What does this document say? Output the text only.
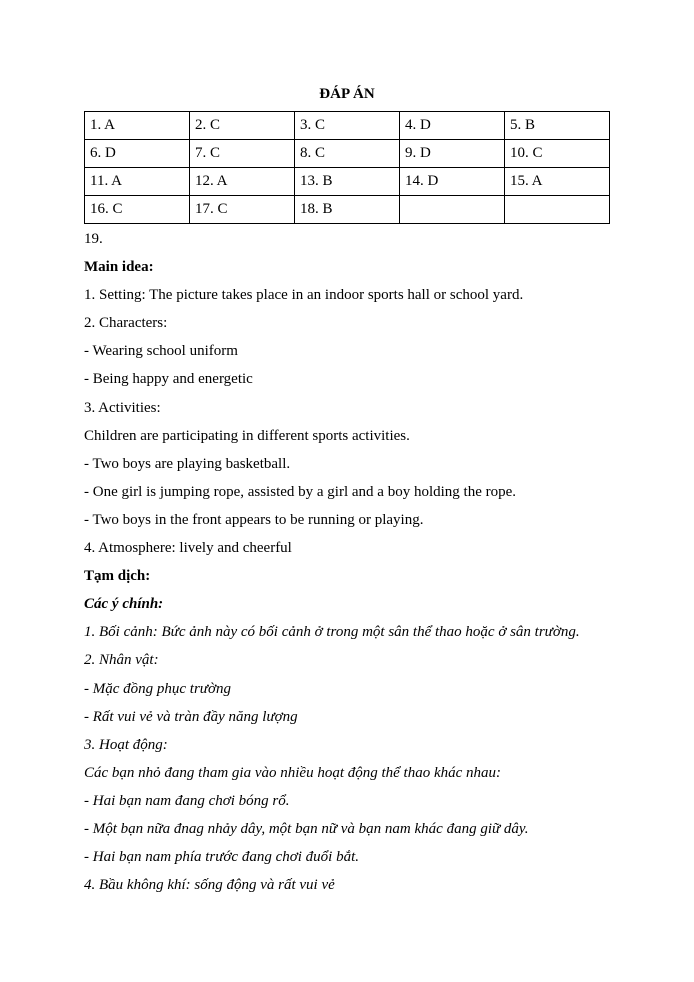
ĐÁP ÁN
1. A	2. C	3. C	4. D	5. B
6. D	7. C	8. C	9. D	10. C
11. A	12. A	13. B	14. D	15. A
16. C	17. C	18. B		
19.
Main idea:
1. Setting: The picture takes place in an indoor sports hall or school yard.
2. Characters:
- Wearing school uniform
- Being happy and energetic
3. Activities:
Children are participating in different sports activities.
- Two boys are playing basketball.
- One girl is jumping rope, assisted by a girl and a boy holding the rope.
- Two boys in the front appears to be running or playing.
4. Atmosphere: lively and cheerful
Tạm dịch:
Các ý chính:
1. Bối cảnh: Bức ảnh này có bối cảnh ở trong một sân thể thao hoặc ở sân trường.
2. Nhân vật:
- Mặc đồng phục trường
- Rất vui vẻ và tràn đầy năng lượng
3. Hoạt động:
Các bạn nhỏ đang tham gia vào nhiều hoạt động thể thao khác nhau:
- Hai bạn nam đang chơi bóng rổ.
- Một bạn nữa đnag nhảy dây, một bạn nữ và bạn nam khác đang giữ dây.
- Hai bạn nam phía trước đang chơi đuổi bắt.
4. Bầu không khí: sống động và rất vui vẻ
